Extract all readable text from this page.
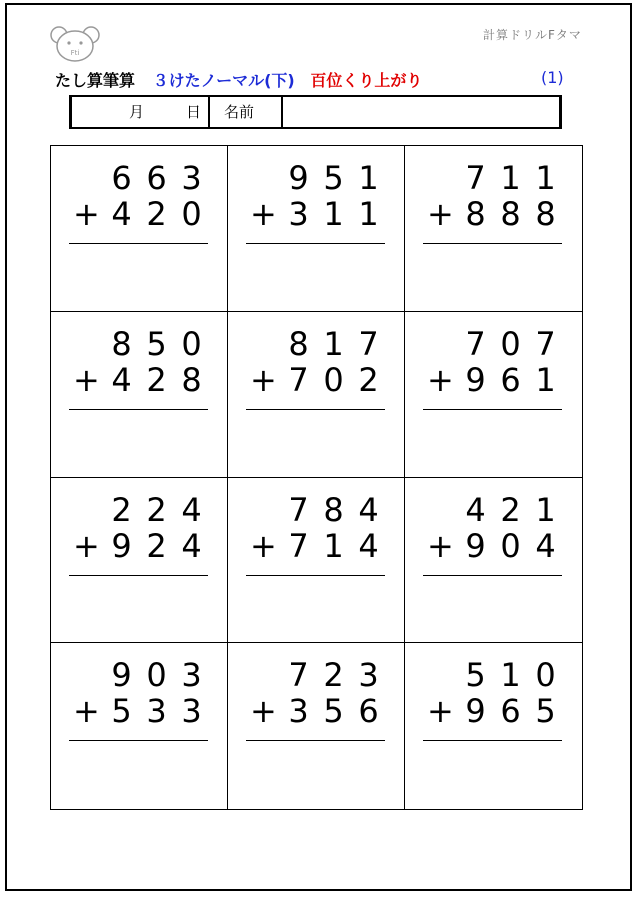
Fti
計算ドリルFタマ
たし算筆算 ３けたノーマル(下) 百位くり上がり	(1)
月	日 名前
6 6 3
+ 4 2 0
9 5 1
+ 3 1 1
7 1 1
+ 8 8 8
8 5 0
+ 4 2 8
8 1 7
+ 7 0 2
7 0 7
+ 9 6 1
2 2 4
+ 9 2 4
7 8 4
+ 7 1 4
4 2 1
+ 9 0 4
9 0 3
+ 5 3 3
7 2 3
+ 3 5 6
5 1 0
+ 9 6 5
